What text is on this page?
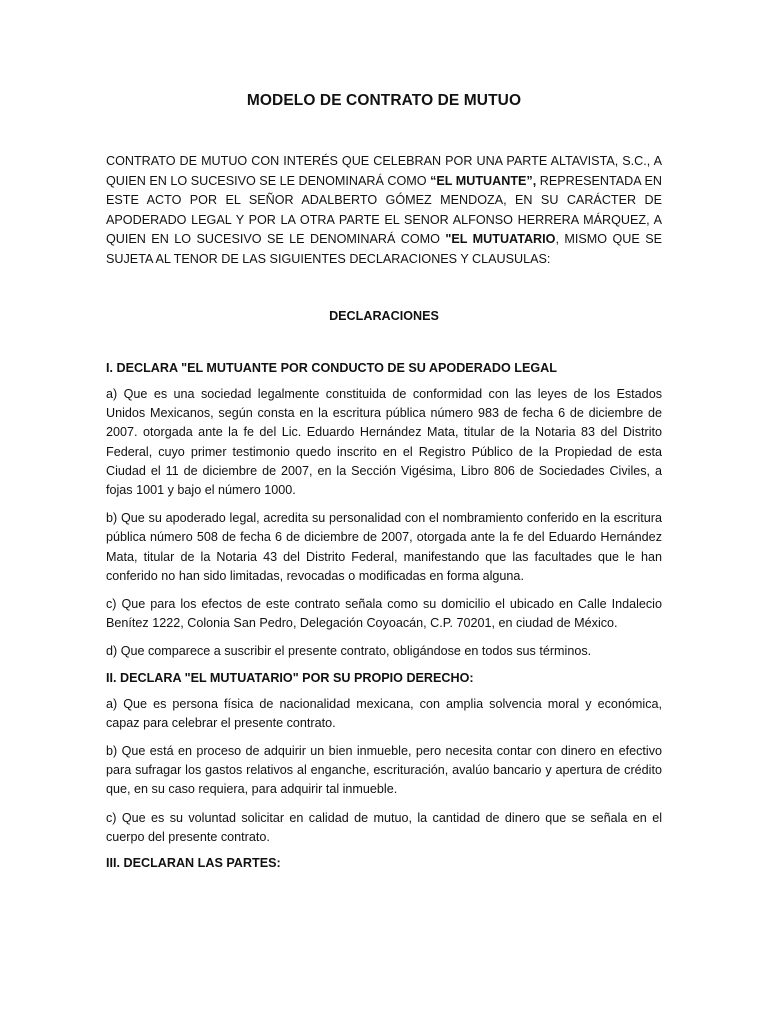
MODELO DE CONTRATO DE MUTUO

CONTRATO DE MUTUO CON INTERÉS QUE CELEBRAN POR UNA PARTE ALTAVISTA, S.C., A QUIEN EN LO SUCESIVO SE LE DENOMINARÁ COMO “EL MUTUANTE”, REPRESENTADA EN ESTE ACTO POR EL SEÑOR ADALBERTO GÓMEZ MENDOZA, EN SU CARÁCTER DE APODERADO LEGAL Y POR LA OTRA PARTE EL SENOR ALFONSO HERRERA MÁRQUEZ, A QUIEN EN LO SUCESIVO SE LE DENOMINARÁ COMO "EL MUTUATARIO, MISMO QUE SE SUJETA AL TENOR DE LAS SIGUIENTES DECLARACIONES Y CLAUSULAS:

DECLARACIONES
I. DECLARA "EL MUTUANTE POR CONDUCTO DE SU APODERADO LEGAL

a) Que es una sociedad legalmente constituida de conformidad con las leyes de los Estados Unidos Mexicanos, según consta en la escritura pública número 983 de fecha 6 de diciembre de 2007. otorgada ante la fe del Lic. Eduardo Hernández Mata, titular de la Notaria 83 del Distrito Federal, cuyo primer testimonio quedo inscrito en el Registro Público de la Propiedad de esta Ciudad el 11 de diciembre de 2007, en la Sección Vigésima, Libro 806 de Sociedades Civiles, a fojas 1001 y bajo el número 1000.

b) Que su apoderado legal, acredita su personalidad con el nombramiento conferido en la escritura pública número 508 de fecha 6 de diciembre de 2007, otorgada ante la fe del Eduardo Hernández Mata, titular de la Notaria 43 del Distrito Federal, manifestando que las facultades que le han conferido no han sido limitadas, revocadas o modificadas en forma alguna.

c) Que para los efectos de este contrato señala como su domicilio el ubicado en Calle Indalecio Benítez 1222, Colonia San Pedro, Delegación Coyoacán, C.P. 70201, en ciudad de México.

d) Que comparece a suscribir el presente contrato, obligándose en todos sus términos.

II. DECLARA "EL MUTUATARIO" POR SU PROPIO DERECHO:

a) Que es persona física de nacionalidad mexicana, con amplia solvencia moral y económica, capaz para celebrar el presente contrato.

b) Que está en proceso de adquirir un bien inmueble, pero necesita contar con dinero en efectivo para sufragar los gastos relativos al enganche, escrituración, avalúo bancario y apertura de crédito que, en su caso requiera, para adquirir tal inmueble.

c) Que es su voluntad solicitar en calidad de mutuo, la cantidad de dinero que se señala en el cuerpo del presente contrato.

III. DECLARAN LAS PARTES:
